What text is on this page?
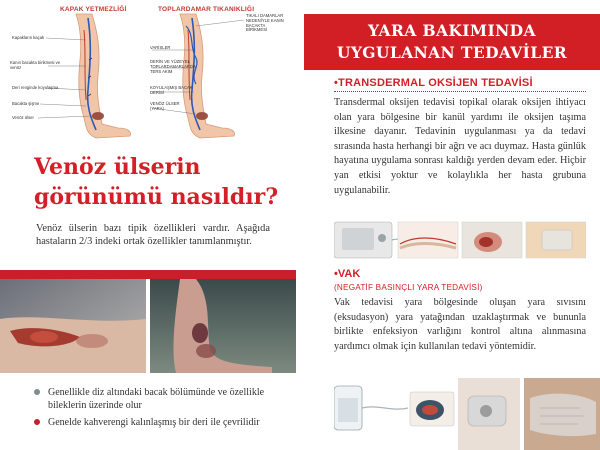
KAPAK YETMEZLİĞİ	TOPLARDAMAR TIKANIKLIĞI
Kapakların kaçak
Kanın bacakta birikmesi ve
venöz
Deri renginde koyulaşma
Bacakta şişme
Venöz ülser
TIKALI DAMARLAR
NEDENİYLE KANIN
BACAKTA
BİRİKMESİ
VARİSLER
DERİN VE YÜZEYEL
TOPLARDAMARLARDA
TERS AKIM
KOYULAŞMIŞ BACAK
DERİSİ
VENÖZ ÜLSER
(YARA)
Venöz ülserin görünümü nasıldır?

Venöz ülserin bazı tipik özellikleri vardır. Aşağıda hastaların 2/3 indeki ortak özellikler tanımlanmıştır.

Genellikle diz altındaki bacak bölümünde ve özellikle bileklerin üzerinde olur
Genelde kahverengi kalınlaşmış bir deri ile çevrilidir
YARA BAKIMINDA
UYGULANAN TEDAVİLER
•TRANSDERMAL OKSİJEN TEDAVİSİ

Transdermal oksijen tedavisi topikal olarak oksijen ihtiyacı olan yara bölgesine bir kanül yardımı ile oksijen taşıma ilkesine dayanır. Tedavinin uygulanması ya da tedavi sırasında hasta herhangi bir ağrı ve acı duymaz. Hasta günlük hayatına uygulama sonrası kaldığı yerden devam eder. Hiçbir yan etkisi yoktur ve kolaylıkla her hasta grubuna uygulanabilir.

•VAK
(NEGATİF BASINÇLI YARA TEDAVİSİ)

Vak tedavisi yara bölgesinde oluşan yara sıvısını (eksudasyon) yara yatağından uzaklaştırmak ve bununla birlikte enfeksiyon varlığını kontrol altına alınmasına yardımcı olmak için kullanılan tedavi yöntemidir.
